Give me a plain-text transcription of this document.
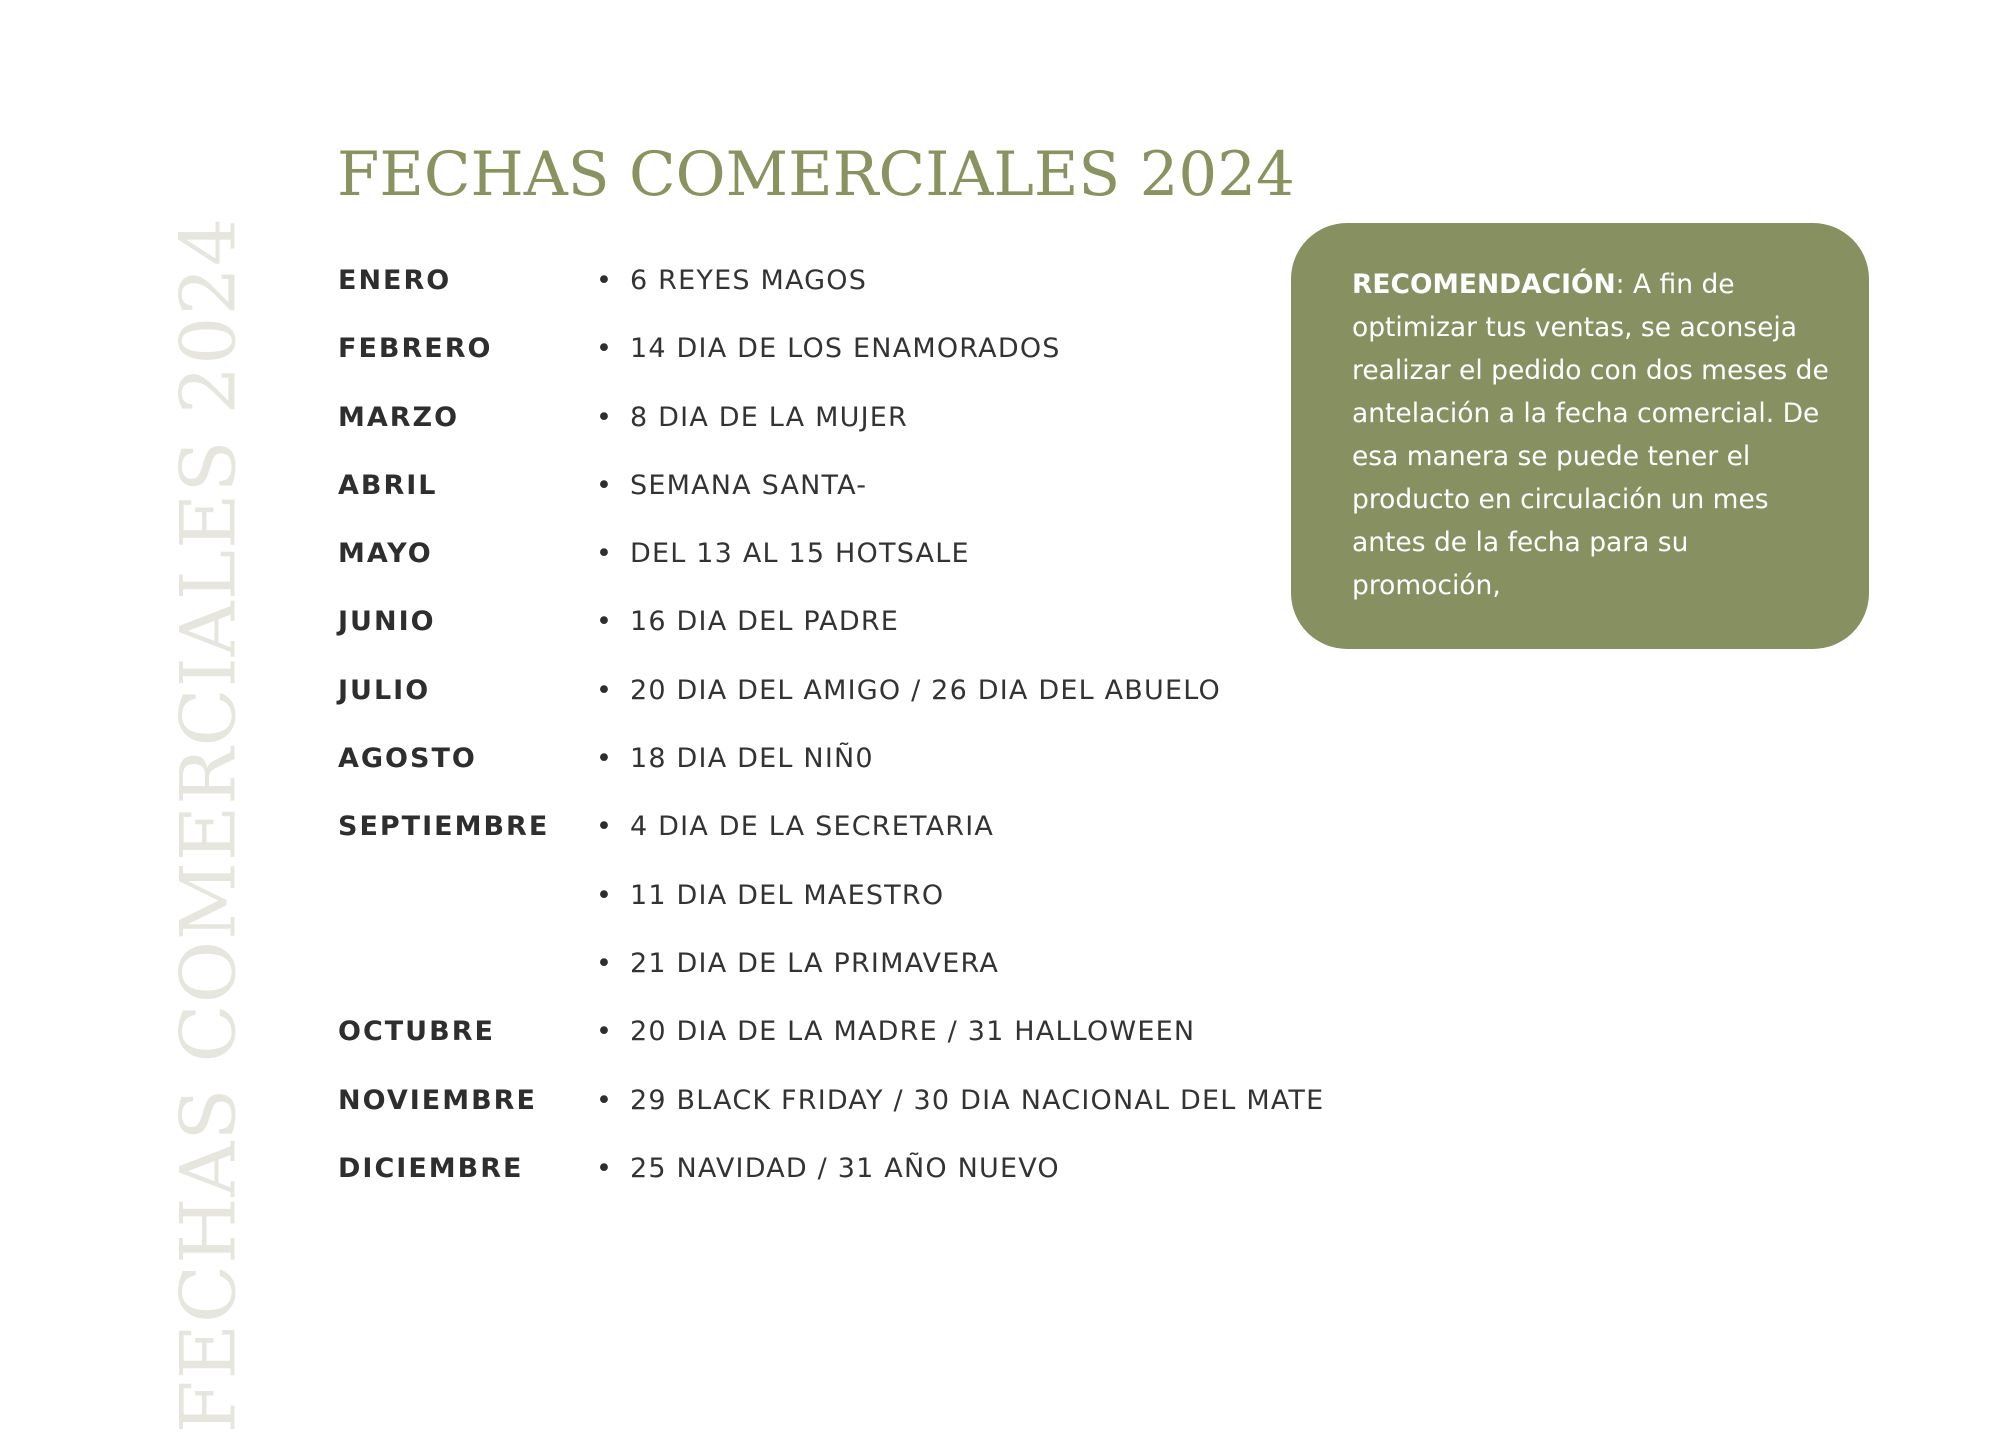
FECHAS COMERCIALES 2024
FECHAS COMERCIALES 2024
ENERO	• 6 REYES MAGOS
FEBRERO	• 14 DIA DE LOS ENAMORADOS
MARZO	• 8 DIA DE LA MUJER
ABRIL	• SEMANA SANTA-
MAYO	• DEL 13 AL 15 HOTSALE
JUNIO	• 16 DIA DEL PADRE
JULIO	• 20 DIA DEL AMIGO / 26 DIA DEL ABUELO
AGOSTO	• 18 DIA DEL NIÑ0
SEPTIEMBRE • 4 DIA DE LA SECRETARIA
• 11 DIA DEL MAESTRO
• 21 DIA DE LA PRIMAVERA
OCTUBRE	• 20 DIA DE LA MADRE / 31 HALLOWEEN
NOVIEMBRE • 29 BLACK FRIDAY / 30 DIA NACIONAL DEL MATE
DICIEMBRE	• 25 NAVIDAD / 31 AÑO NUEVO
RECOMENDACIÓN: A fin de optimizar tus ventas, se aconseja realizar el pedido con dos meses de antelación a la fecha comercial. De esa manera se puede tener el producto en circulación un mes antes de la fecha para su promoción,
